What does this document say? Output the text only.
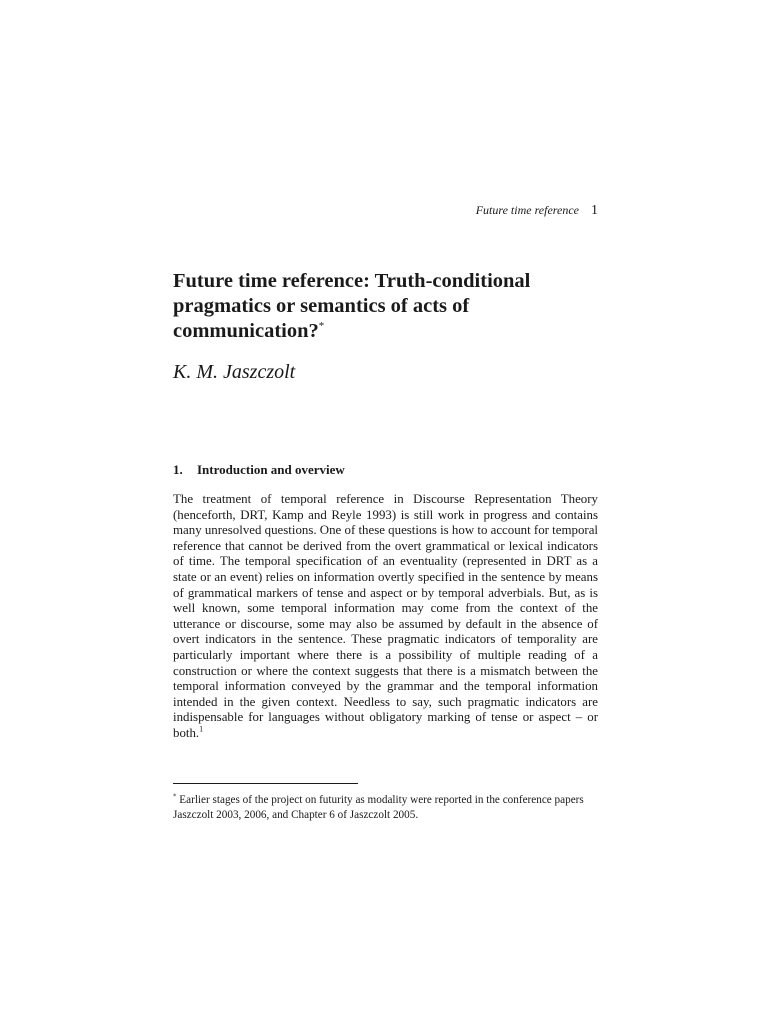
Future time reference 1
Future time reference: Truth-conditional pragmatics or semantics of acts of communication?*
K. M. Jaszczolt
1. Introduction and overview

The treatment of temporal reference in Discourse Representation Theory (henceforth, DRT, Kamp and Reyle 1993) is still work in progress and contains many unresolved questions. One of these questions is how to account for temporal reference that cannot be derived from the overt grammatical or lexical indicators of time. The temporal specification of an eventuality (represented in DRT as a state or an event) relies on information overtly specified in the sentence by means of grammatical markers of tense and aspect or by temporal adverbials. But, as is well known, some temporal information may come from the context of the utterance or discourse, some may also be assumed by default in the absence of overt indicators in the sentence. These pragmatic indicators of temporality are particularly important where there is a possibility of multiple reading of a construction or where the context suggests that there is a mismatch between the temporal information conveyed by the grammar and the temporal information intended in the given context. Needless to say, such pragmatic indicators are indispensable for languages without obligatory marking of tense or aspect – or both.$^1$

* Earlier stages of the project on futurity as modality were reported in the conference papers Jaszczolt 2003, 2006, and Chapter 6 of Jaszczolt 2005.
